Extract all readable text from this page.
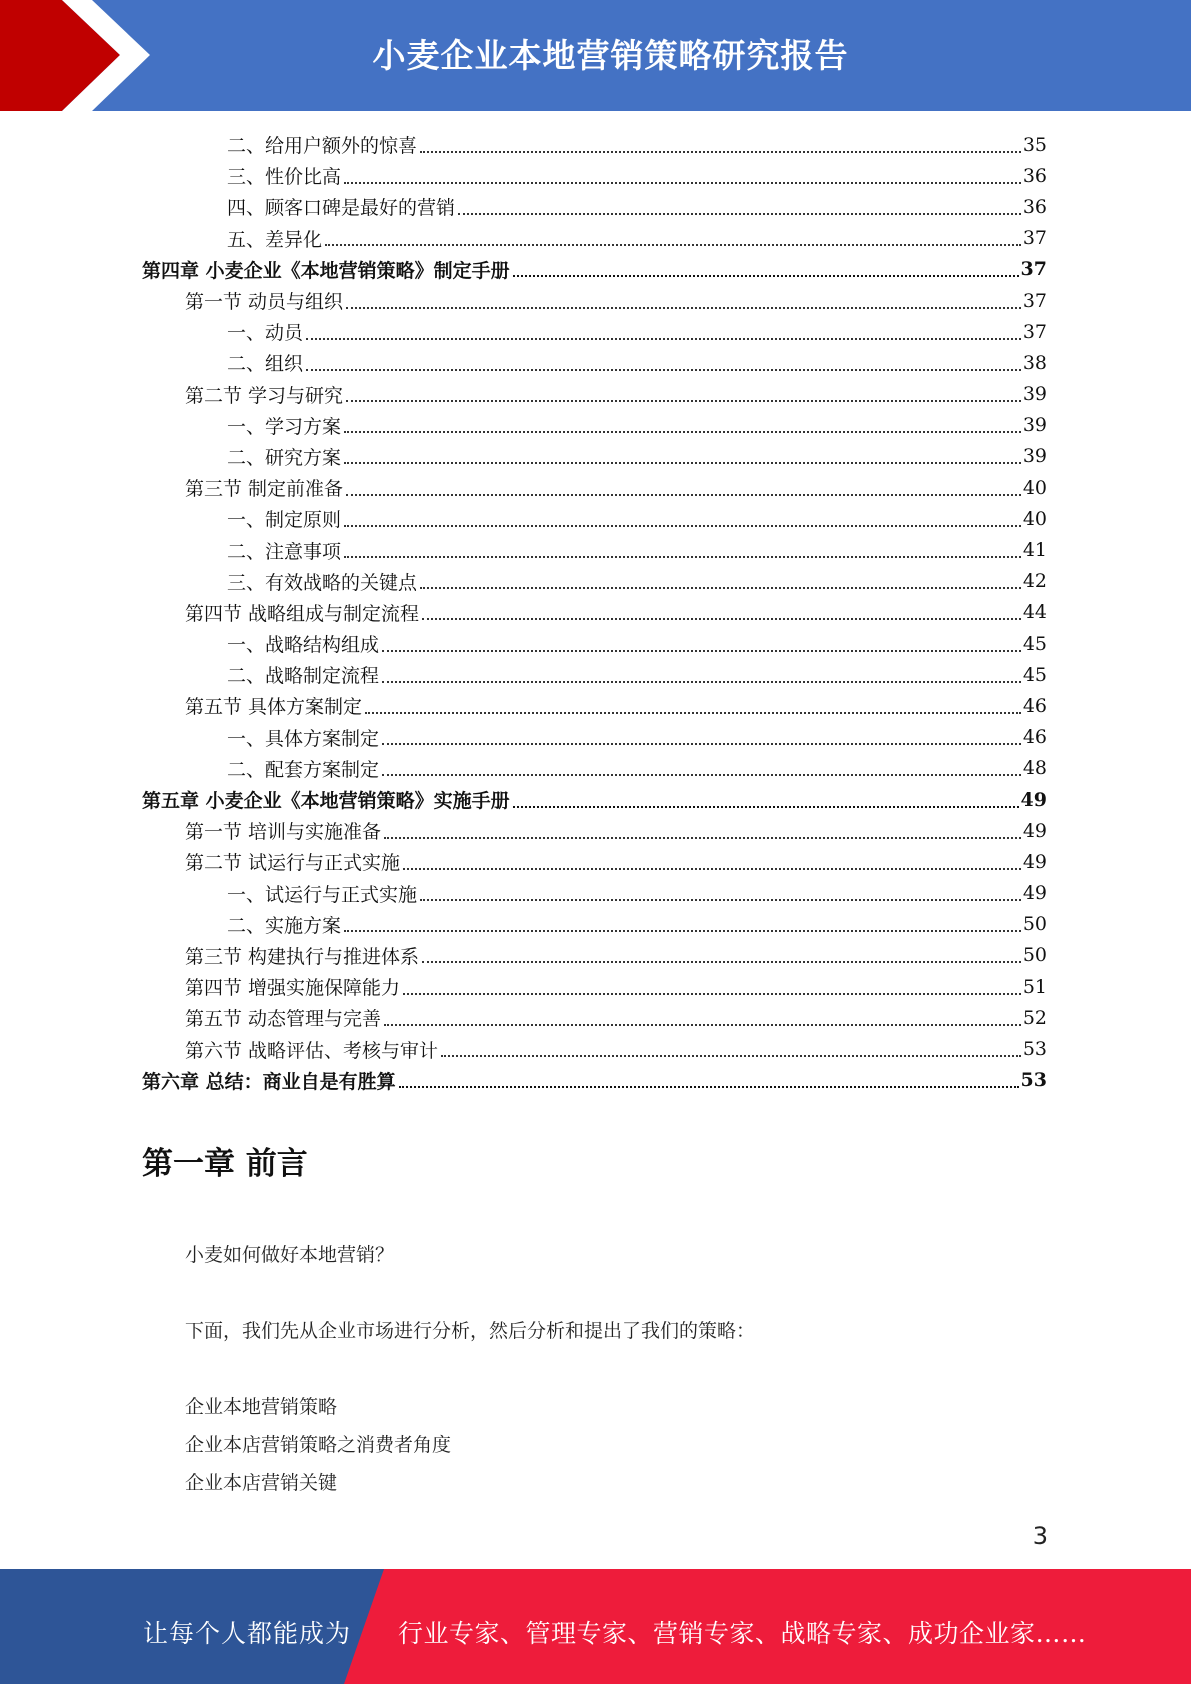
小麦企业本地营销策略研究报告
二、给用户额外的惊喜	35
三、性价比高	36
四、顾客口碑是最好的营销	36
五、差异化	37
第四章 小麦企业《本地营销策略》制定手册	37
第一节 动员与组织	37
一、动员	37
二、组织	38
第二节 学习与研究	39
一、学习方案	39
二、研究方案	39
第三节 制定前准备	40
一、制定原则	40
二、注意事项	41
三、有效战略的关键点	42
第四节 战略组成与制定流程	44
一、战略结构组成	45
二、战略制定流程	45
第五节 具体方案制定	46
一、具体方案制定	46
二、配套方案制定	48
第五章 小麦企业《本地营销策略》实施手册	49
第一节 培训与实施准备	49
第二节 试运行与正式实施	49
一、试运行与正式实施	49
二、实施方案	50
第三节 构建执行与推进体系	50
第四节 增强实施保障能力	51
第五节 动态管理与完善	52
第六节 战略评估、考核与审计	53
第六章 总结：商业自是有胜算	53
第一章 前言
小麦如何做好本地营销？
下面，我们先从企业市场进行分析，然后分析和提出了我们的策略：
企业本地营销策略
企业本店营销策略之消费者角度
企业本店营销关键
3
让每个人都能成为 行业专家、管理专家、营销专家、战略专家、成功企业家……
